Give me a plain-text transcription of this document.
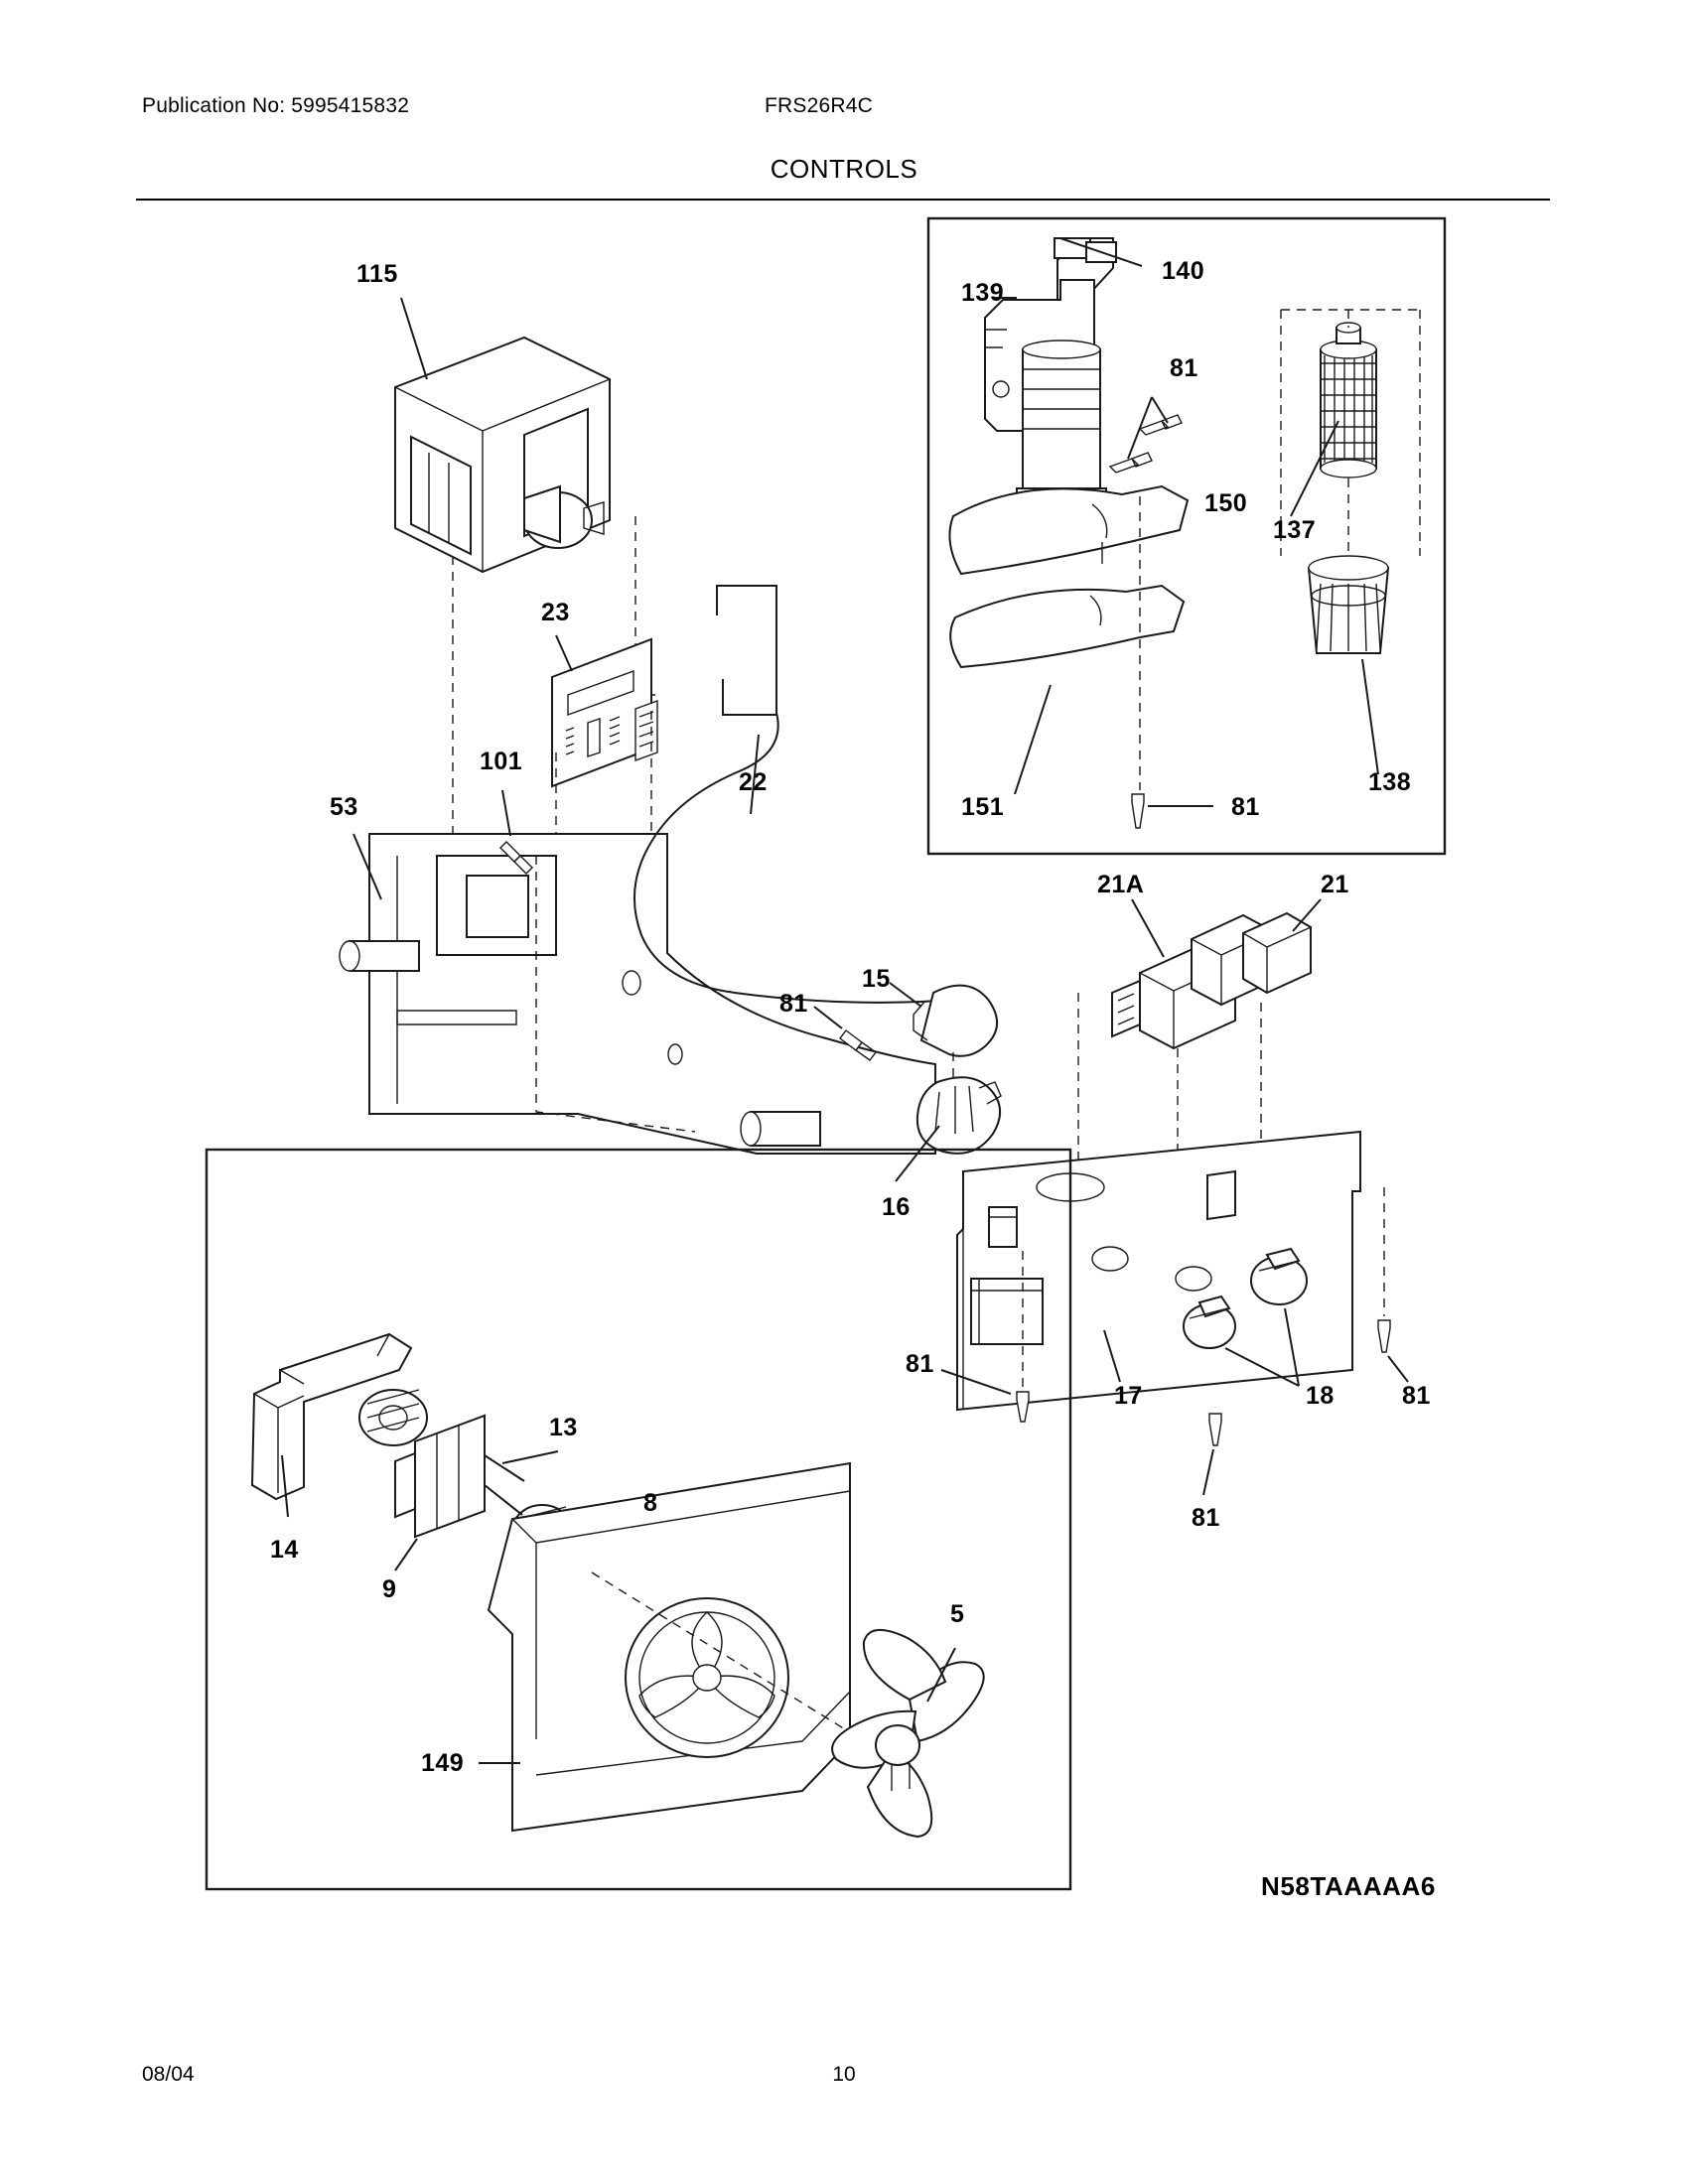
Publication No: 5995415832	FRS26R4C
CONTROLS
115
23
101
53
22
81
15
16
21A	21
81
17
81
18	81
139
140
81
150
137
138
151	81
14
9
13
8
149
5
N58TAAAAA6
08/04	10
